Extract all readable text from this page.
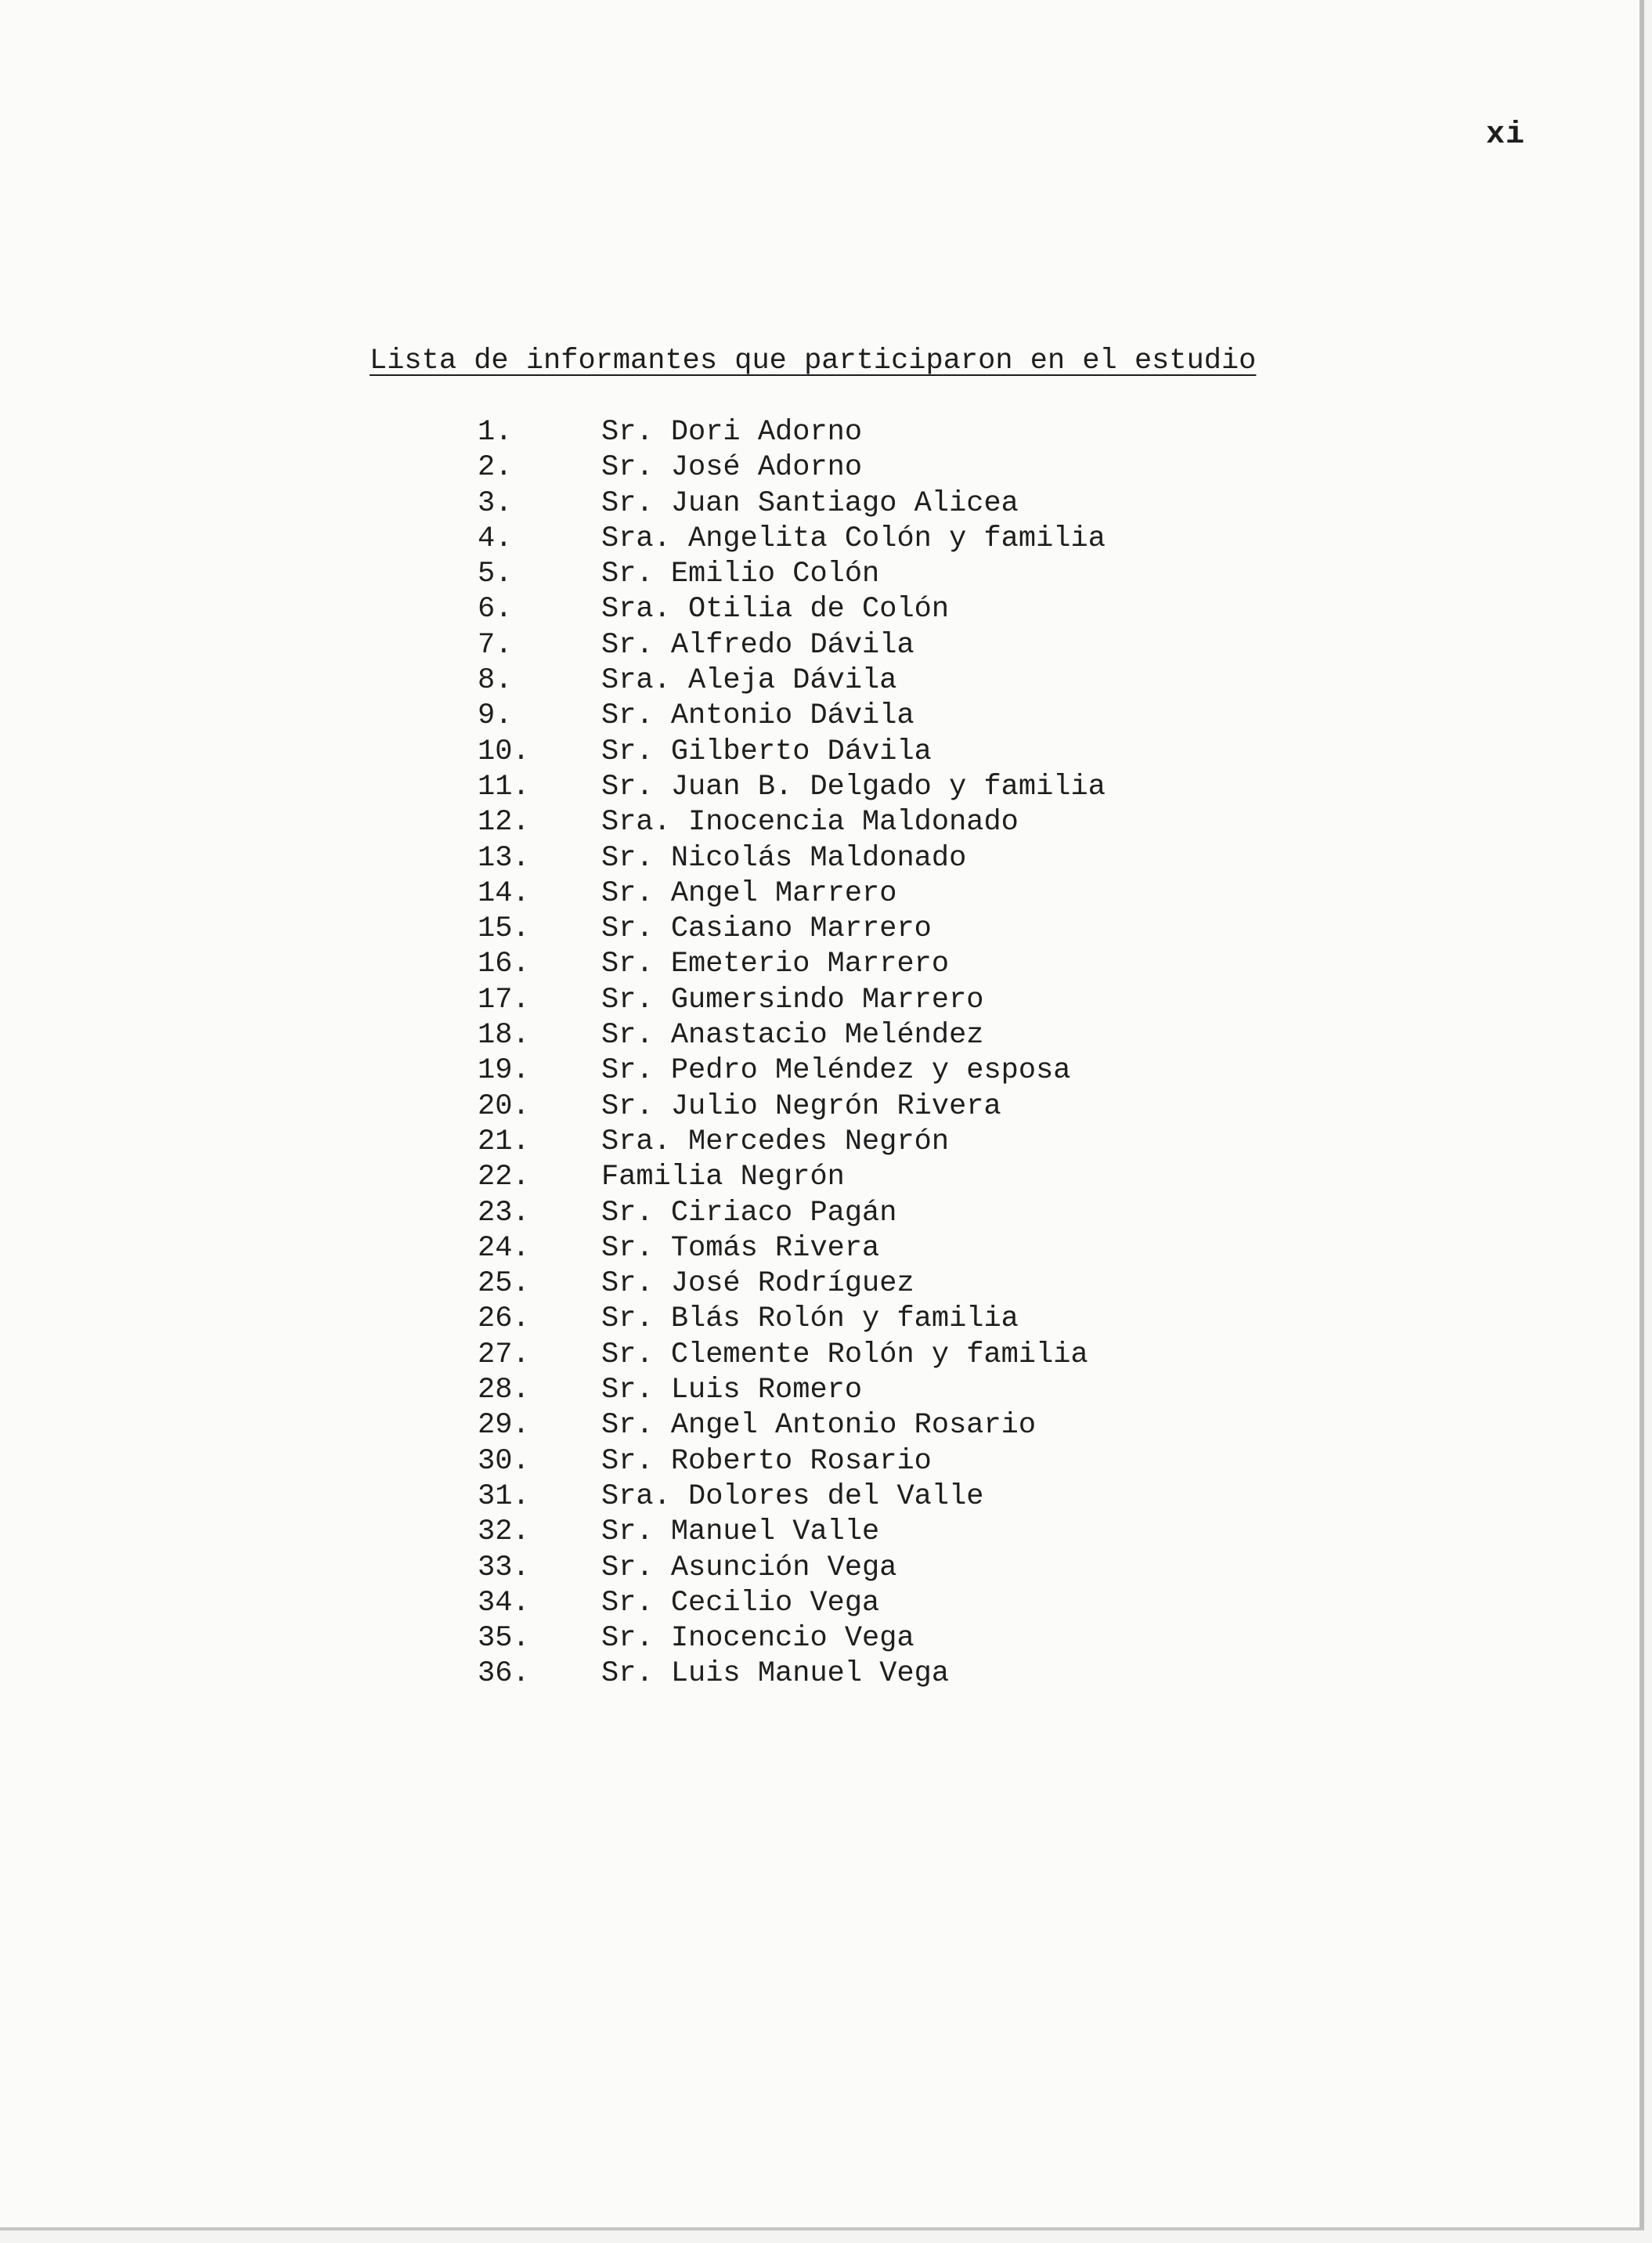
xi
Lista de informantes que participaron en el estudio
1.	Sr. Dori Adorno
2.	Sr. José Adorno
3.	Sr. Juan Santiago Alicea
4.	Sra. Angelita Colón y familia
5.	Sr. Emilio Colón
6.	Sra. Otilia de Colón
7.	Sr. Alfredo Dávila
8.	Sra. Aleja Dávila
9.	Sr. Antonio Dávila
10.	Sr. Gilberto Dávila
11.	Sr. Juan B. Delgado y familia
12.	Sra. Inocencia Maldonado
13.	Sr. Nicolás Maldonado
14.	Sr. Angel Marrero
15.	Sr. Casiano Marrero
16.	Sr. Emeterio Marrero
17.	Sr. Gumersindo Marrero
18.	Sr. Anastacio Meléndez
19.	Sr. Pedro Meléndez y esposa
20.	Sr. Julio Negrón Rivera
21.	Sra. Mercedes Negrón
22.	Familia Negrón
23.	Sr. Ciriaco Pagán
24.	Sr. Tomás Rivera
25.	Sr. José Rodríguez
26.	Sr. Blás Rolón y familia
27.	Sr. Clemente Rolón y familia
28.	Sr. Luis Romero
29.	Sr. Angel Antonio Rosario
30.	Sr. Roberto Rosario
31.	Sra. Dolores del Valle
32.	Sr. Manuel Valle
33.	Sr. Asunción Vega
34.	Sr. Cecilio Vega
35.	Sr. Inocencio Vega
36.	Sr. Luis Manuel Vega
